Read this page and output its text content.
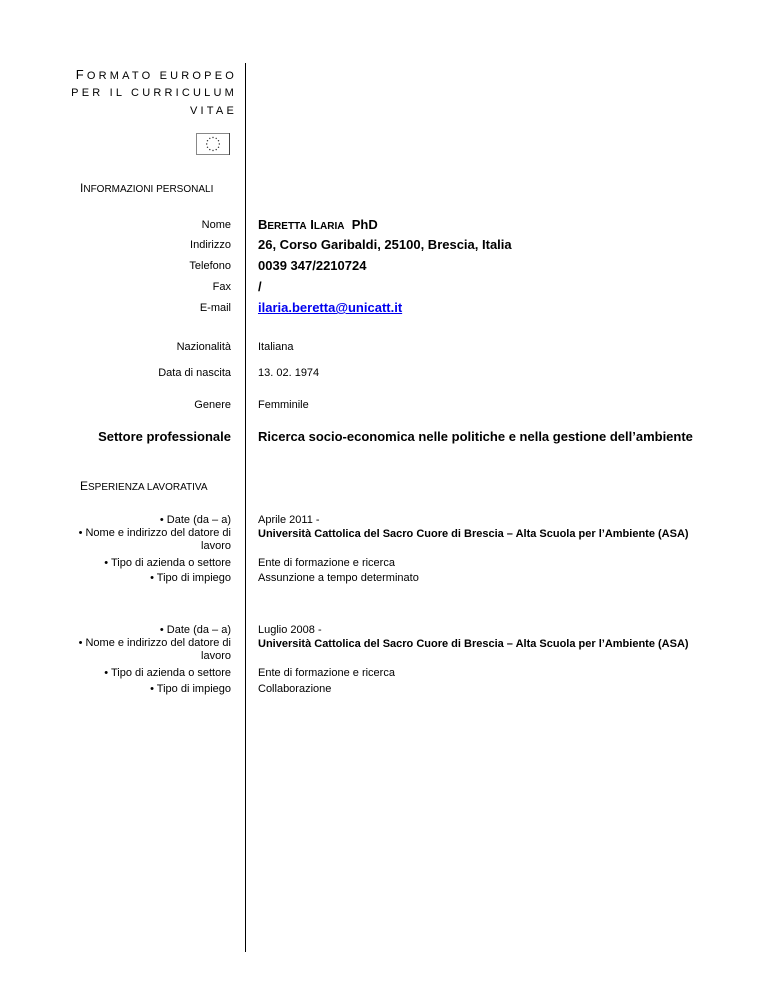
FORMATO EUROPEO
PER IL CURRICULUM
VITAE
INFORMAZIONI PERSONALI
Nome BERETTA ILARIA PhD
Indirizzo 26, Corso Garibaldi, 25100, Brescia, Italia
Telefono 0039 347/2210724
Fax /
E-mail ilaria.beretta@unicatt.it
Nazionalità Italiana
Data di nascita 13. 02. 1974
Genere Femminile
Settore professionale Ricerca socio-economica nelle politiche e nella gestione dell’ambiente
ESPERIENZA LAVORATIVA
• Date (da – a)
• Nome e indirizzo del datore di
lavoro
• Tipo di azienda o settore
• Tipo di impiego
Aprile 2011 -
Università Cattolica del Sacro Cuore di Brescia – Alta Scuola per l’Ambiente (ASA)
Ente di formazione e ricerca
Assunzione a tempo determinato
• Date (da – a)
• Nome e indirizzo del datore di
lavoro
• Tipo di azienda o settore
• Tipo di impiego
Luglio 2008 -
Università Cattolica del Sacro Cuore di Brescia – Alta Scuola per l’Ambiente (ASA)
Ente di formazione e ricerca
Collaborazione
